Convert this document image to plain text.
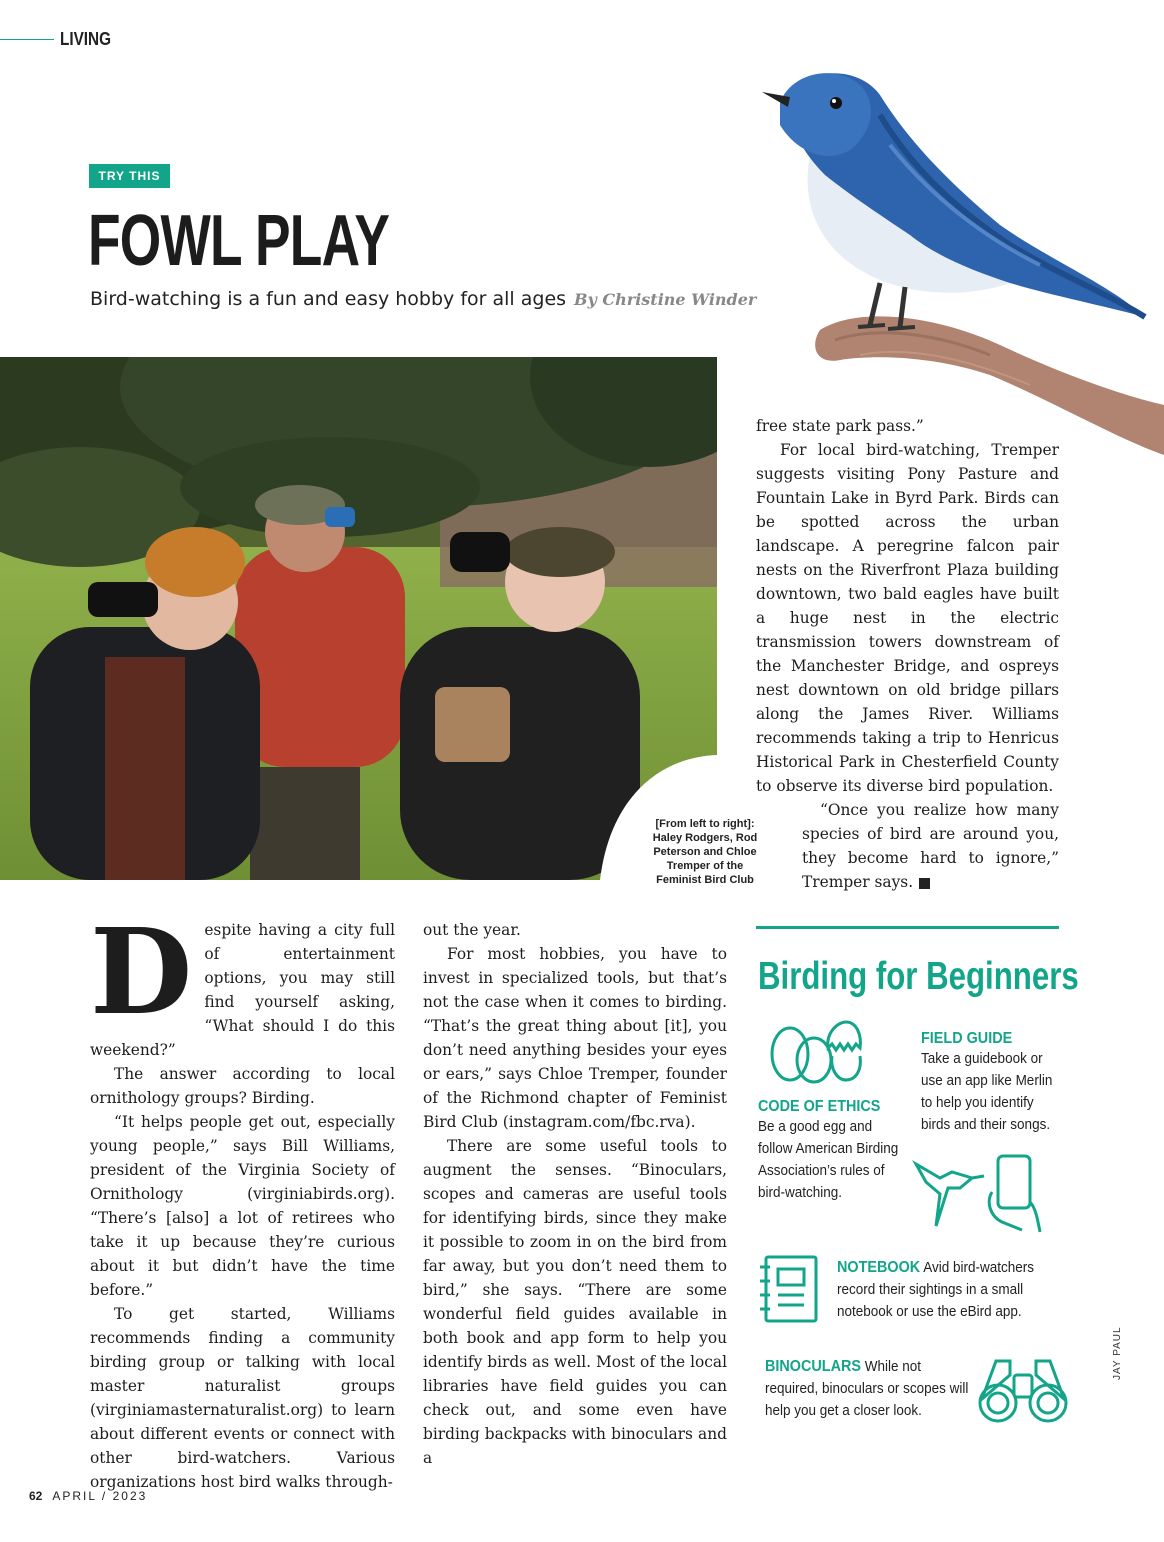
LIVING
TRY THIS
FOWL PLAY
Bird-watching is a fun and easy hobby for all ages By Christine Winder
[From left to right]: Haley Rodgers, Rod Peterson and Chloe Tremper of the Feminist Bird Club

free state park pass.”

For local bird-watching, Tremper suggests visiting Pony Pasture and Fountain Lake in Byrd Park. Birds can be spotted across the urban landscape. A peregrine falcon pair nests on the Riverfront Plaza building downtown, two bald eagles have built a huge nest in the electric transmission towers downstream of the Manchester Bridge, and ospreys nest downtown on old bridge pillars along the James River. Williams recommends taking a trip to Henricus Historical Park in Chesterfield County to observe its diverse bird population.

“Once you realize how many species of bird are around you, they become hard to ignore,” Tremper says.	R

D espite having a city full of entertainment options, you may still find yourself asking, “What should I do this weekend?”

The answer according to local ornithology groups? Birding.

“It helps people get out, especially young people,” says Bill Williams, president of the Virginia Society of Ornithology (virginiabirds.org). “There’s [also] a lot of retirees who take it up because they’re curious about it but didn’t have the time before.”

To get started, Williams recommends finding a community birding group or talking with local master naturalist groups (virginiamasternaturalist.org) to learn about different events or connect with other bird-watchers. Various organizations host bird walks through-

out the year.

For most hobbies, you have to invest in specialized tools, but that’s not the case when it comes to birding. “That’s the great thing about [it], you don’t need anything besides your eyes or ears,” says Chloe Tremper, founder of the Richmond chapter of Feminist Bird Club (instagram.com/fbc.rva).

There are some useful tools to augment the senses. “Binoculars, scopes and cameras are useful tools for identifying birds, since they make it possible to zoom in on the bird from far away, but you don’t need them to bird,” she says. “There are some wonderful field guides available in both book and app form to help you identify birds as well. Most of the local libraries have field guides you can check out, and some even have birding backpacks with binoculars and a

Birding for Beginners
CODE OF ETHICS
Be a good egg and follow American Birding Association’s rules of bird-watching.
FIELD GUIDE
Take a guidebook or use an app like Merlin to help you identify birds and their songs.
NOTEBOOK Avid bird-watchers record their sightings in a small notebook or use the eBird app.
BINOCULARS While not required, binoculars or scopes will help you get a closer look.
JAY PAUL
62 APRIL / 2023
